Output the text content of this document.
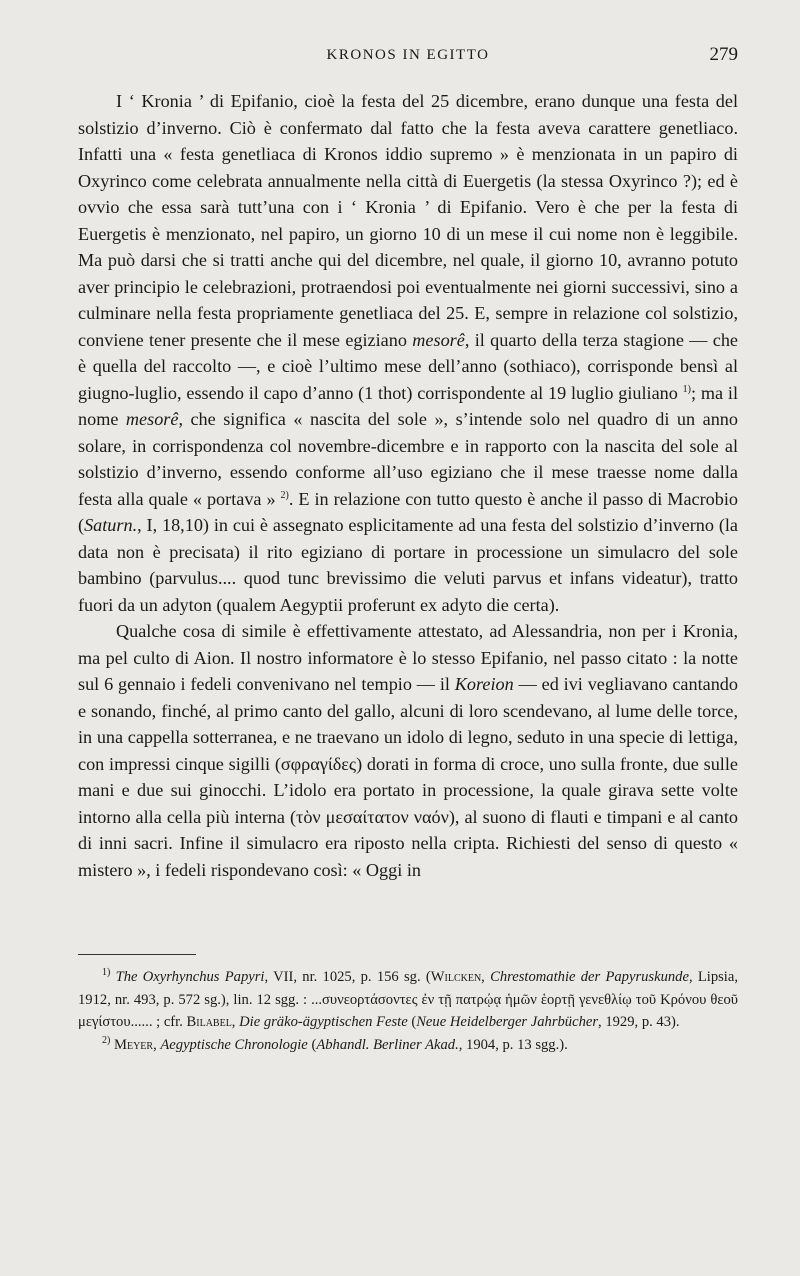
KRONOS IN EGITTO	279

I ‘ Kronia ’ di Epifanio, cioè la festa del 25 dicembre, erano dunque una festa del solstizio d’inverno. Ciò è confermato dal fatto che la festa aveva carattere genetliaco. Infatti una « festa genetliaca di Kronos iddio supremo » è menzionata in un papiro di Oxyrinco come celebrata annualmente nella città di Euergetis (la stessa Oxyrinco ?); ed è ovvio che essa sarà tutt’una con i ‘ Kronia ’ di Epifanio. Vero è che per la festa di Euergetis è menzionato, nel papiro, un giorno 10 di un mese il cui nome non è leggibile. Ma può darsi che si tratti anche qui del dicembre, nel quale, il giorno 10, avranno potuto aver principio le celebrazioni, protraendosi poi eventualmente nei giorni successivi, sino a culminare nella festa propriamente genetliaca del 25. E, sempre in relazione col solstizio, conviene tener presente che il mese egiziano mesorê, il quarto della terza stagione — che è quella del raccolto —, e cioè l’ultimo mese dell’anno (sothiaco), corrisponde bensì al giugno-luglio, essendo il capo d’anno (1 thot) corrispondente al 19 luglio giuliano $^{1)}$; ma il nome mesorê, che significa « nascita del sole », s’intende solo nel quadro di un anno solare, in corrispondenza col novembre-dicembre e in rapporto con la nascita del sole al solstizio d’inverno, essendo conforme all’uso egiziano che il mese traesse nome dalla festa alla quale « portava » $^{2)}$. E in relazione con tutto questo è anche il passo di Macrobio (Saturn., I, 18,10) in cui è assegnato esplicitamente ad una festa del solstizio d’inverno (la data non è precisata) il rito egiziano di portare in processione un simulacro del sole bambino (parvulus.... quod tunc brevissimo die veluti parvus et infans videatur), tratto fuori da un adyton (qualem Aegyptii proferunt ex adyto die certa).

Qualche cosa di simile è effettivamente attestato, ad Alessandria, non per i Kronia, ma pel culto di Aion. Il nostro informatore è lo stesso Epifanio, nel passo citato : la notte sul 6 gennaio i fedeli convenivano nel tempio — il Koreion — ed ivi vegliavano cantando e sonando, finché, al primo canto del gallo, alcuni di loro scendevano, al lume delle torce, in una cappella sotterranea, e ne traevano un idolo di legno, seduto in una specie di lettiga, con impressi cinque sigilli (σφραγίδες) dorati in forma di croce, uno sulla fronte, due sulle mani e due sui ginocchi. L’idolo era portato in processione, la quale girava sette volte intorno alla cella più interna (τὸν μεσαίτατον ναόν), al suono di flauti e timpani e al canto di inni sacri. Infine il simulacro era riposto nella cripta. Richiesti del senso di questo « mistero », i fedeli rispondevano così: « Oggi in

$^{1)}$ The Oxyrhynchus Papyri, VII, nr. 1025, p. 156 sg. (Wilcken, Chrestomathie der Papyruskunde, Lipsia, 1912, nr. 493, p. 572 sg.), lin. 12 sgg. : ...συνεορτάσοντες ἐν τῇ πατρῴᾳ ἡμῶν ἑορτῇ γενεθλίῳ τοῦ Κρόνου θεοῦ μεγίστου...... ; cfr. Bilabel, Die gräko-ägyptischen Feste (Neue Heidelberger Jahrbücher, 1929, p. 43).

$^{2)}$ Meyer, Aegyptische Chronologie (Abhandl. Berliner Akad., 1904, p. 13 sgg.).
